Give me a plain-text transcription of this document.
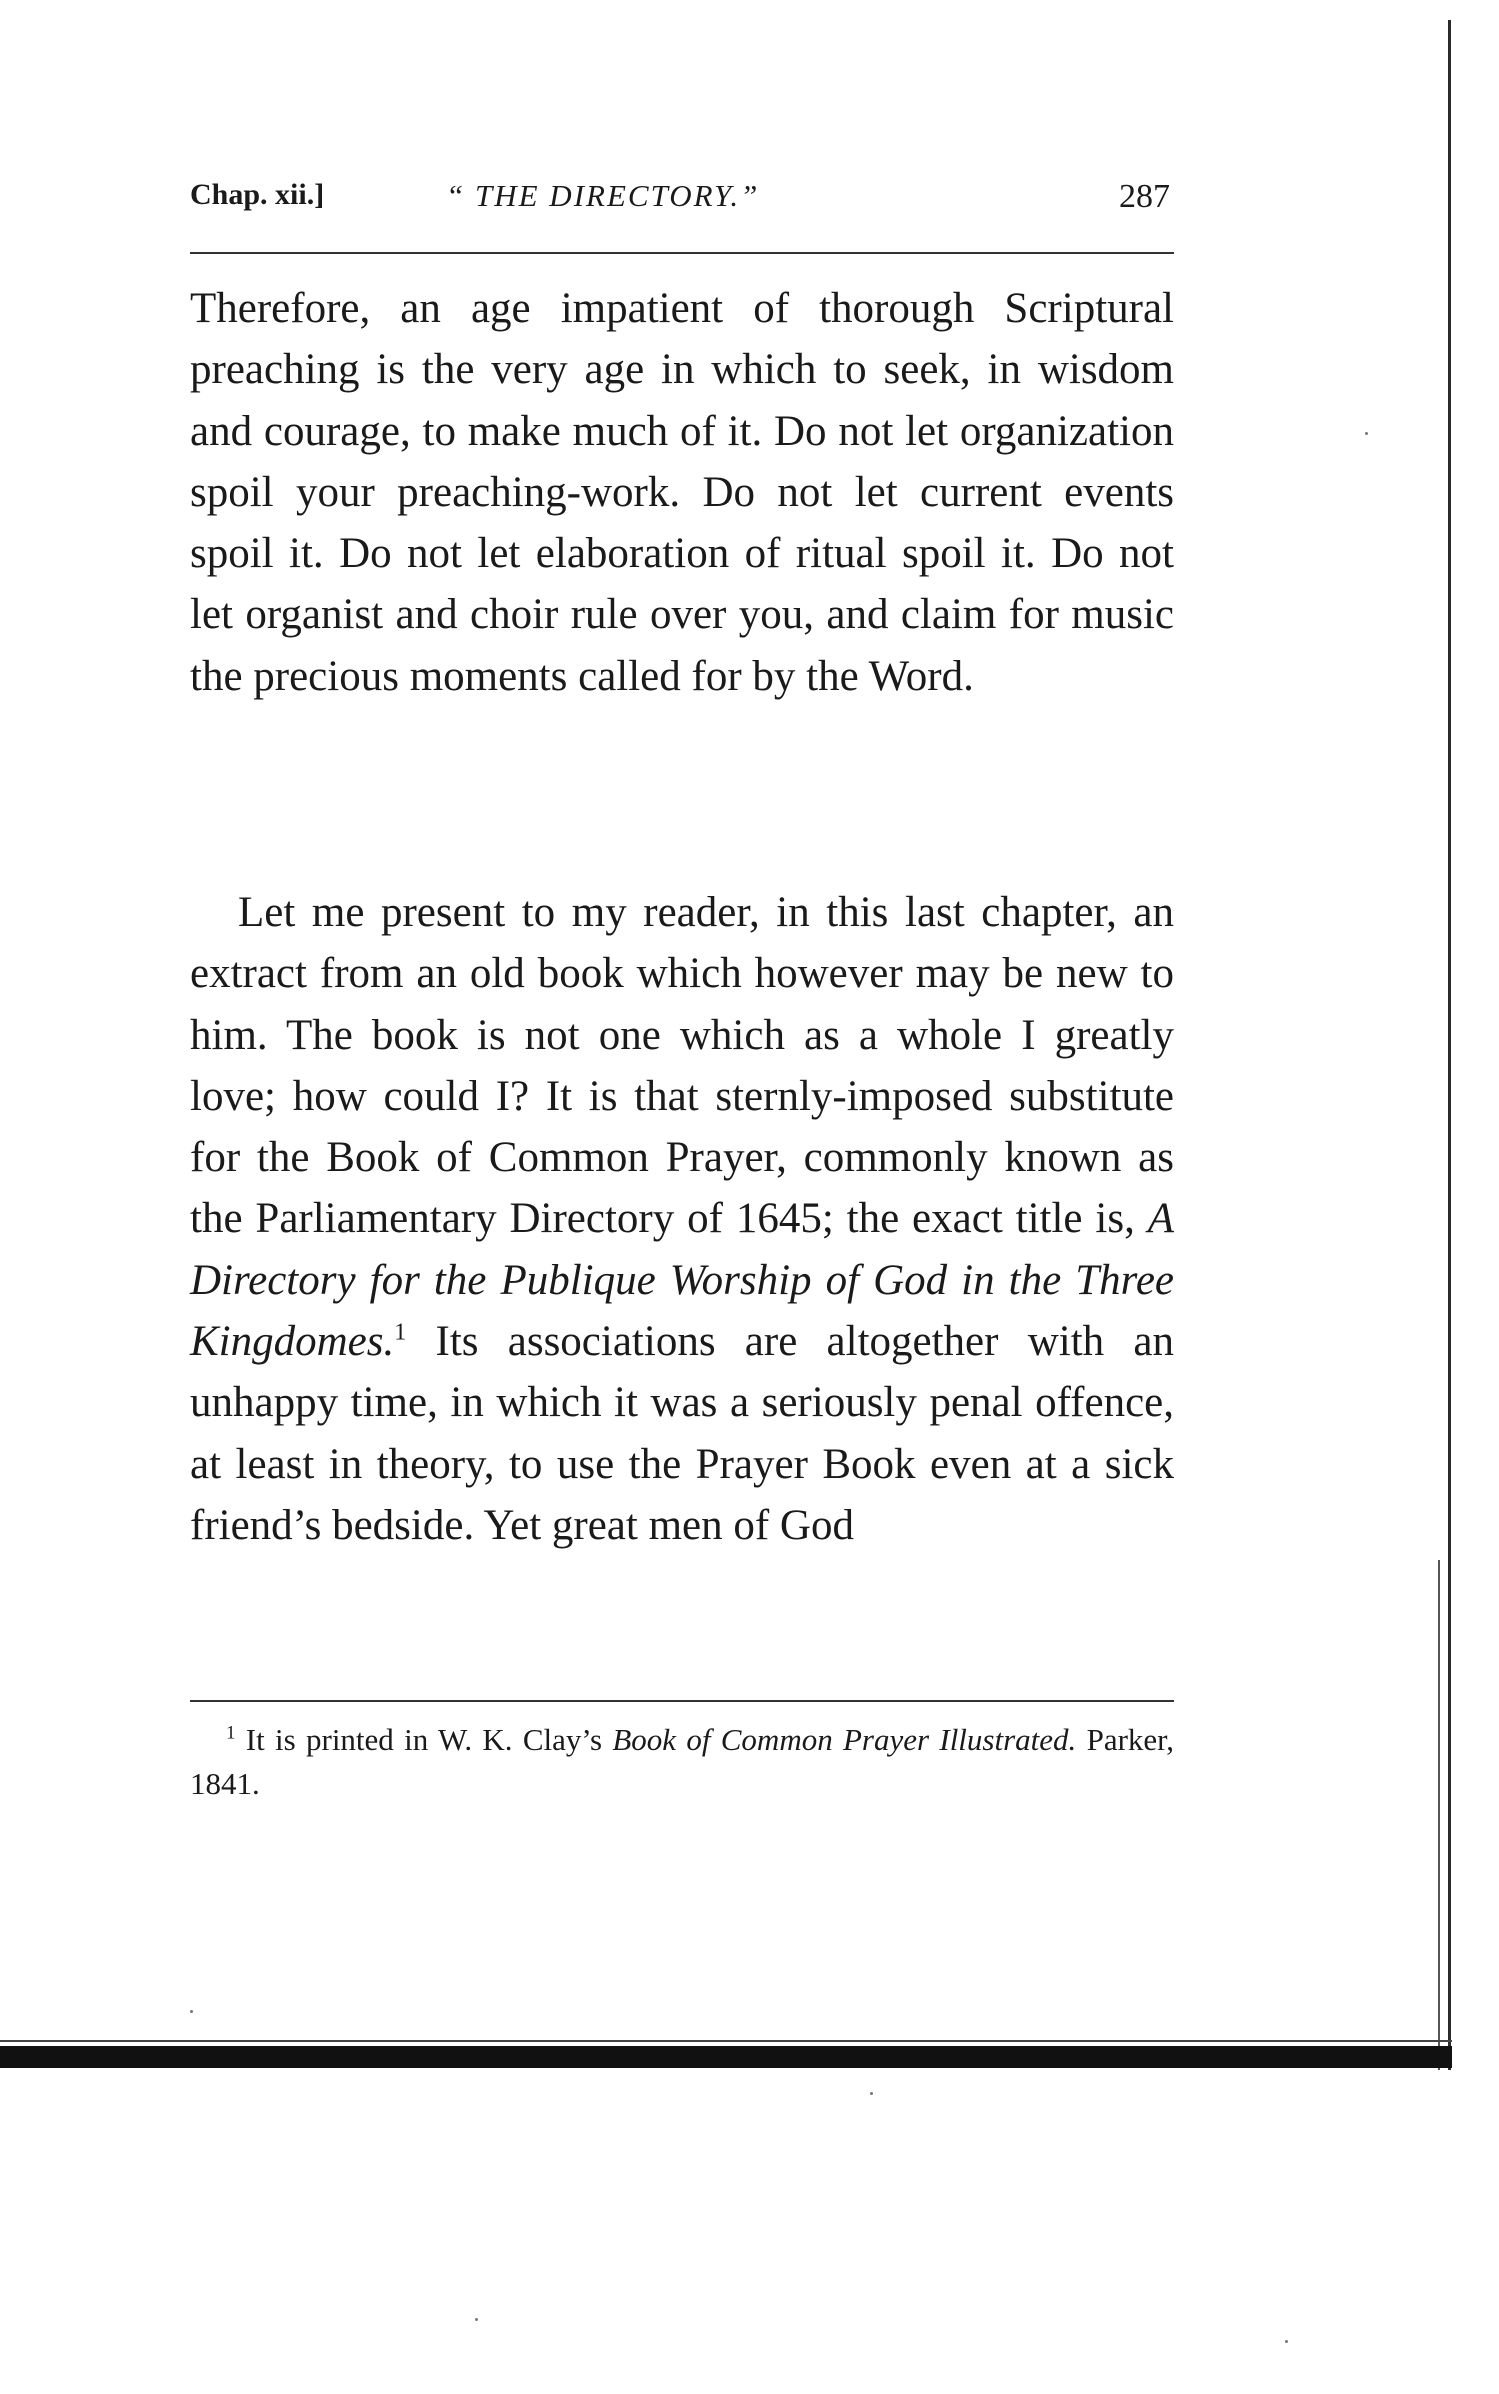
Chap. xii.]	“ THE DIRECTORY.”	287

Therefore, an age impatient of thorough Scriptural preaching is the very age in which to seek, in wisdom and courage, to make much of it. Do not let organization spoil your preaching-work. Do not let current events spoil it. Do not let elaboration of ritual spoil it. Do not let organist and choir rule over you, and claim for music the precious moments called for by the Word.

Let me present to my reader, in this last chapter, an extract from an old book which however may be new to him. The book is not one which as a whole I greatly love; how could I? It is that sternly-imposed substitute for the Book of Common Prayer, commonly known as the Parliamentary Directory of 1645; the exact title is, A Directory for the Publique Worship of God in the Three Kingdomes.$^1$ Its associations are altogether with an unhappy time, in which it was a seriously penal offence, at least in theory, to use the Prayer Book even at a sick friend’s bedside. Yet great men of God

$^1$ It is printed in W. K. Clay’s Book of Common Prayer Illustrated. Parker, 1841.
